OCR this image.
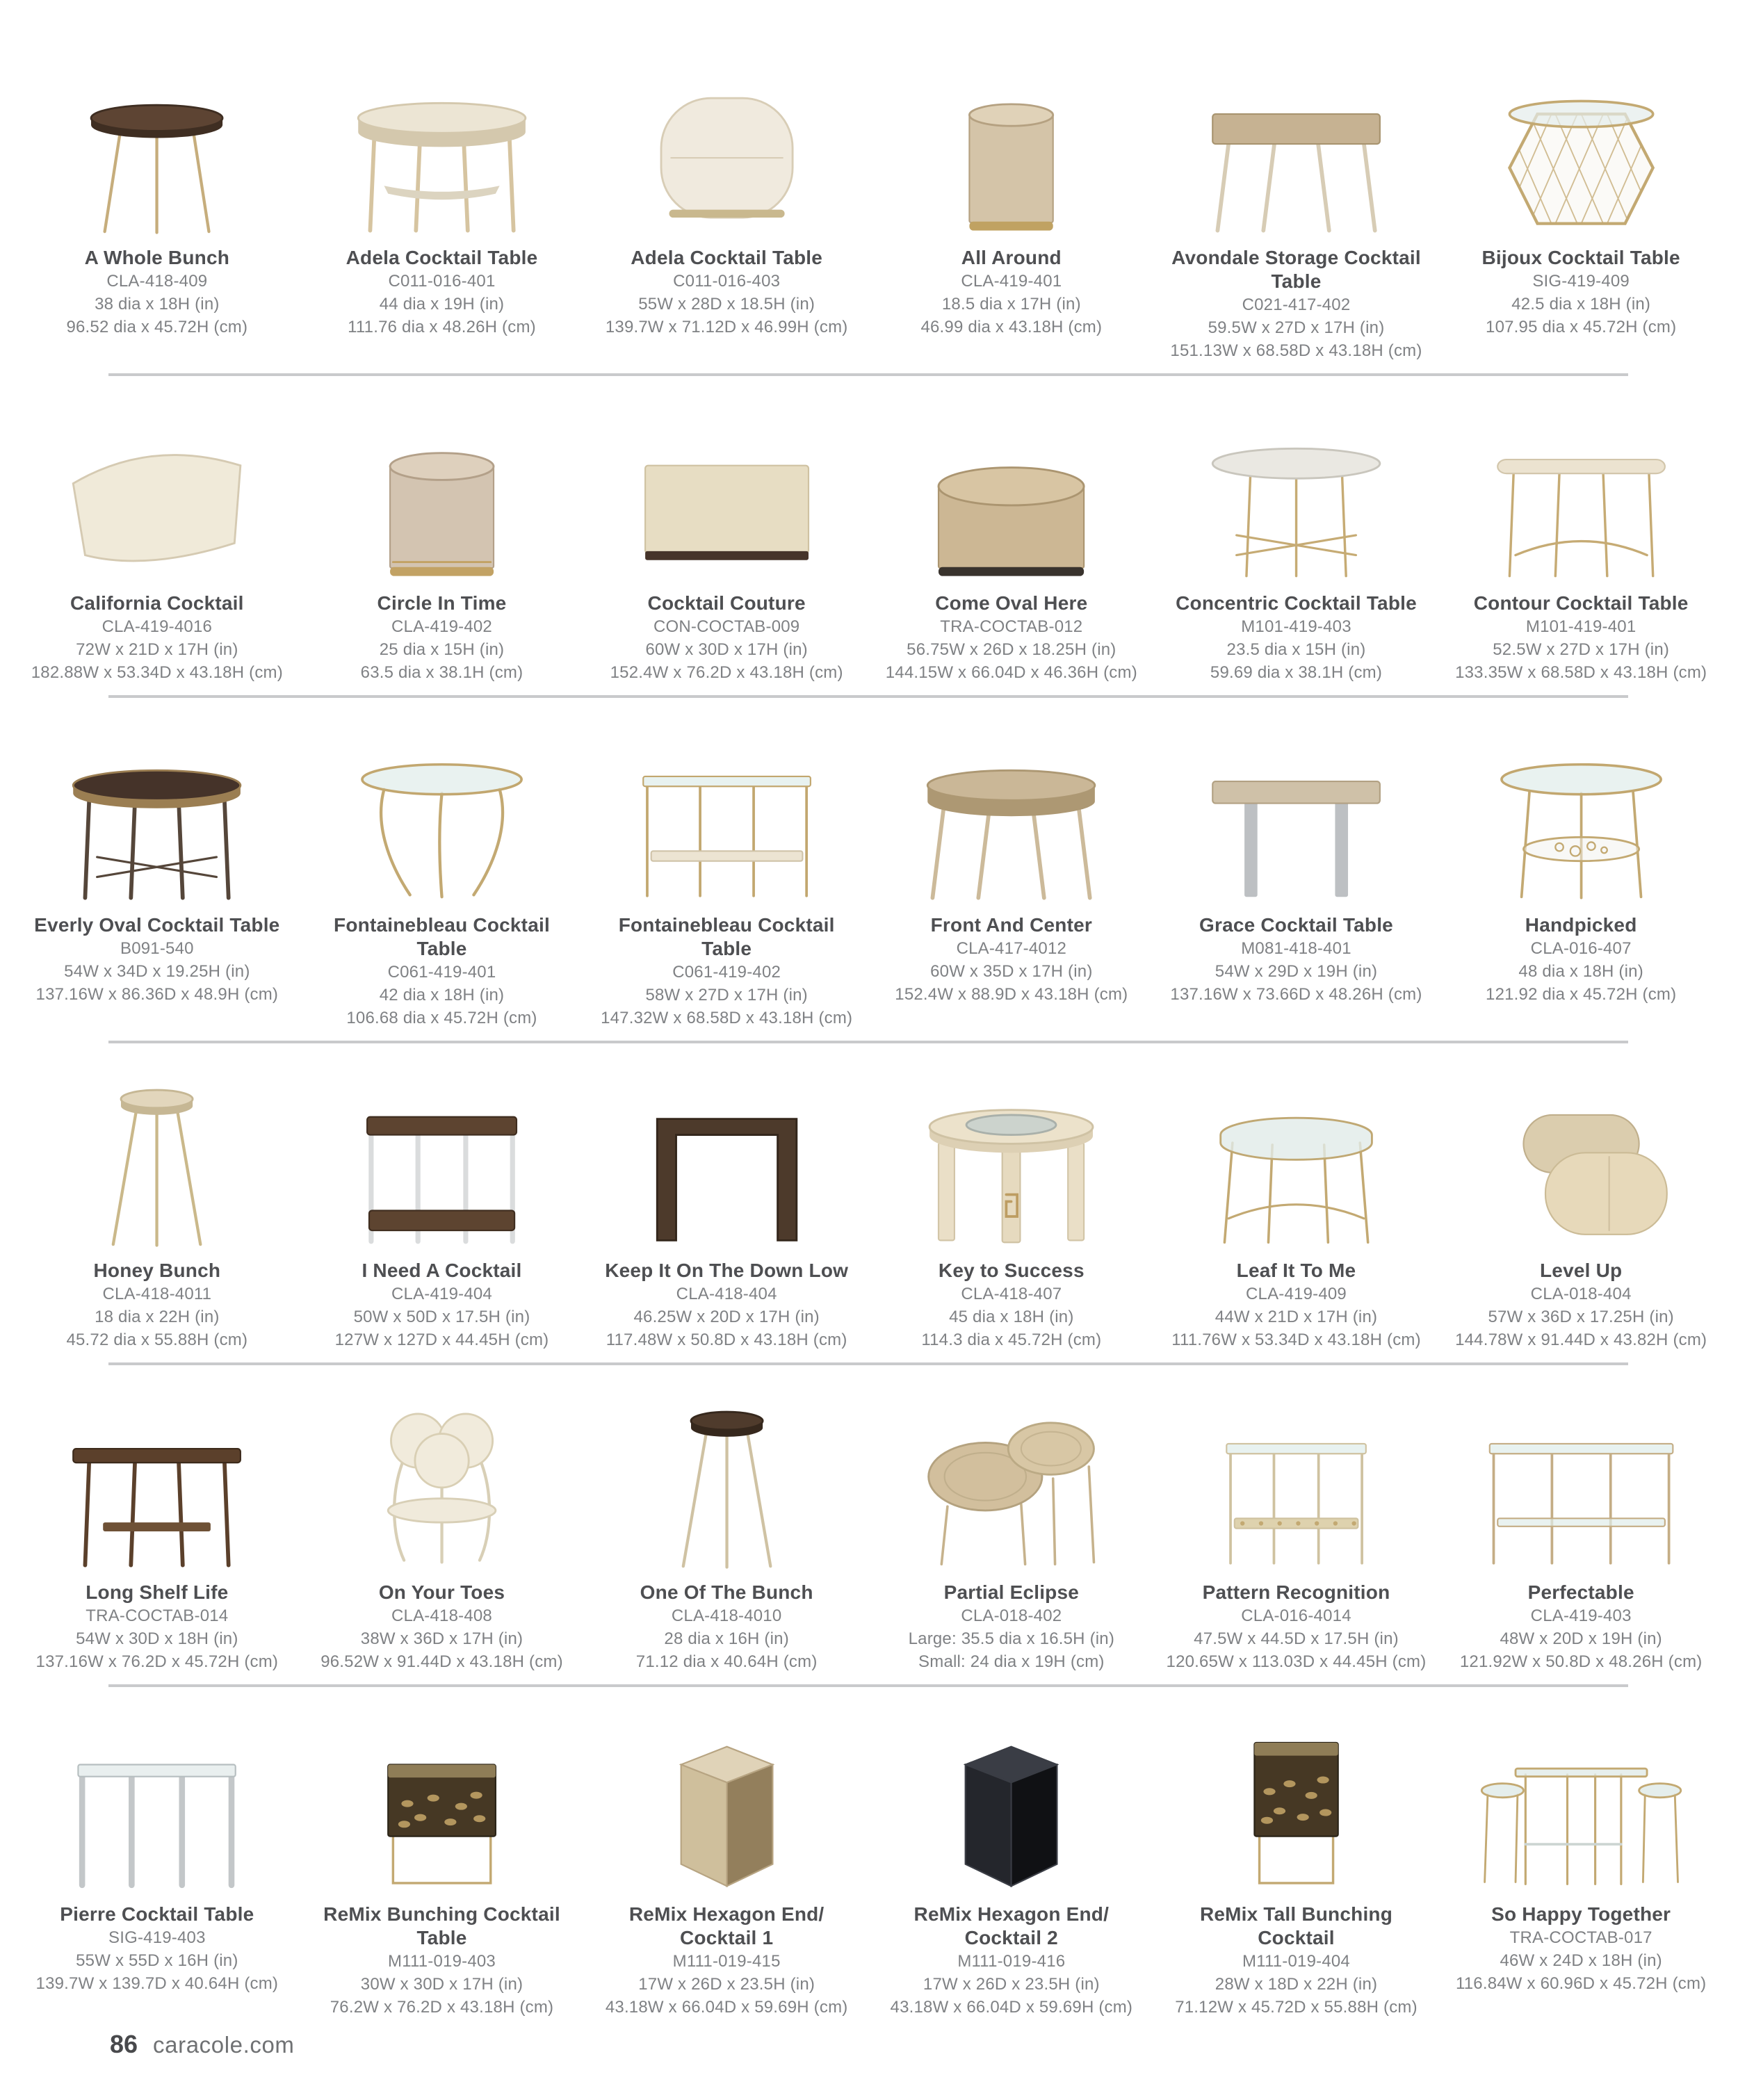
A Whole Bunch
CLA-418-409
38 dia x 18H (in)
96.52 dia x 45.72H (cm)
Adela Cocktail Table
C011-016-401
44 dia x 19H (in)
111.76 dia x 48.26H (cm)
Adela Cocktail Table
C011-016-403
55W x 28D x 18.5H (in)
139.7W x 71.12D x 46.99H (cm)
All Around
CLA-419-401
18.5 dia x 17H (in)
46.99 dia x 43.18H (cm)
Avondale Storage Cocktail Table
C021-417-402
59.5W x 27D x 17H (in)
151.13W x 68.58D x 43.18H (cm)
Bijoux Cocktail Table
SIG-419-409
42.5 dia x 18H (in)
107.95 dia x 45.72H (cm)
California Cocktail
CLA-419-4016
72W x 21D x 17H (in)
182.88W x 53.34D x 43.18H (cm)
Circle In Time
CLA-419-402
25 dia x 15H (in)
63.5 dia x 38.1H (cm)
Cocktail Couture
CON-COCTAB-009
60W x 30D x 17H (in)
152.4W x 76.2D x 43.18H (cm)
Come Oval Here
TRA-COCTAB-012
56.75W x 26D x 18.25H (in)
144.15W x 66.04D x 46.36H (cm)
Concentric Cocktail Table
M101-419-403
23.5 dia x 15H (in)
59.69 dia x 38.1H (cm)
Contour Cocktail Table
M101-419-401
52.5W x 27D x 17H (in)
133.35W x 68.58D x 43.18H (cm)
Everly Oval Cocktail Table
B091-540
54W x 34D x 19.25H (in)
137.16W x 86.36D x 48.9H (cm)
Fontainebleau Cocktail Table
C061-419-401
42 dia x 18H (in)
106.68 dia x 45.72H (cm)
Fontainebleau Cocktail Table
C061-419-402
58W x 27D x 17H (in)
147.32W x 68.58D x 43.18H (cm)
Front And Center
CLA-417-4012
60W x 35D x 17H (in)
152.4W x 88.9D x 43.18H (cm)
Grace Cocktail Table
M081-418-401
54W x 29D x 19H (in)
137.16W x 73.66D x 48.26H (cm)
Handpicked
CLA-016-407
48 dia x 18H (in)
121.92 dia x 45.72H (cm)
Honey Bunch
CLA-418-4011
18 dia x 22H (in)
45.72 dia x 55.88H (cm)
I Need A Cocktail
CLA-419-404
50W x 50D x 17.5H (in)
127W x 127D x 44.45H (cm)
Keep It On The Down Low
CLA-418-404
46.25W x 20D x 17H (in)
117.48W x 50.8D x 43.18H (cm)
Key to Success
CLA-418-407
45 dia x 18H (in)
114.3 dia x 45.72H (cm)
Leaf It To Me
CLA-419-409
44W x 21D x 17H (in)
111.76W x 53.34D x 43.18H (cm)
Level Up
CLA-018-404
57W x 36D x 17.25H (in)
144.78W x 91.44D x 43.82H (cm)
Long Shelf Life
TRA-COCTAB-014
54W x 30D x 18H (in)
137.16W x 76.2D x 45.72H (cm)
On Your Toes
CLA-418-408
38W x 36D x 17H (in)
96.52W x 91.44D x 43.18H (cm)
One Of The Bunch
CLA-418-4010
28 dia x 16H (in)
71.12 dia x 40.64H (cm)
Partial Eclipse
CLA-018-402
Large: 35.5 dia x 16.5H (in)
Small: 24 dia x 19H (cm)
Pattern Recognition
CLA-016-4014
47.5W x 44.5D x 17.5H (in)
120.65W x 113.03D x 44.45H (cm)
Perfectable
CLA-419-403
48W x 20D x 19H (in)
121.92W x 50.8D x 48.26H (cm)
Pierre Cocktail Table
SIG-419-403
55W x 55D x 16H (in)
139.7W x 139.7D x 40.64H (cm)
ReMix Bunching Cocktail Table
M111-019-403
30W x 30D x 17H (in)
76.2W x 76.2D x 43.18H (cm)
ReMix Hexagon End/ Cocktail 1
M111-019-415
17W x 26D x 23.5H (in)
43.18W x 66.04D x 59.69H (cm)
ReMix Hexagon End/ Cocktail 2
M111-019-416
17W x 26D x 23.5H (in)
43.18W x 66.04D x 59.69H (cm)
ReMix Tall Bunching Cocktail
M111-019-404
28W x 18D x 22H (in)
71.12W x 45.72D x 55.88H (cm)
So Happy Together
TRA-COCTAB-017
46W x 24D x 18H (in)
116.84W x 60.96D x 45.72H (cm)
86 caracole.com
